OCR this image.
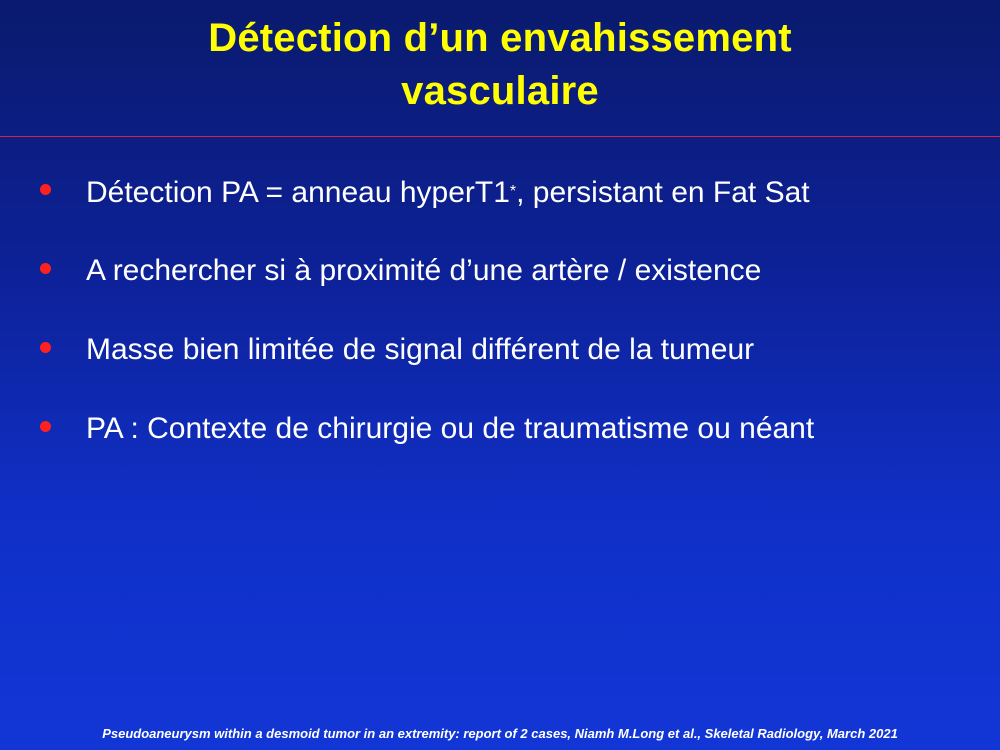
Détection d’un envahissement
vasculaire
Détection PA = anneau hyperT1*, persistant en Fat Sat
A rechercher si à proximité d’une artère / existence
Masse bien limitée de signal différent de la tumeur
PA : Contexte de chirurgie ou de traumatisme ou néant
Pseudoaneurysm within a desmoid tumor in an extremity: report of 2 cases, Niamh M.Long et al., Skeletal Radiology, March 2021
